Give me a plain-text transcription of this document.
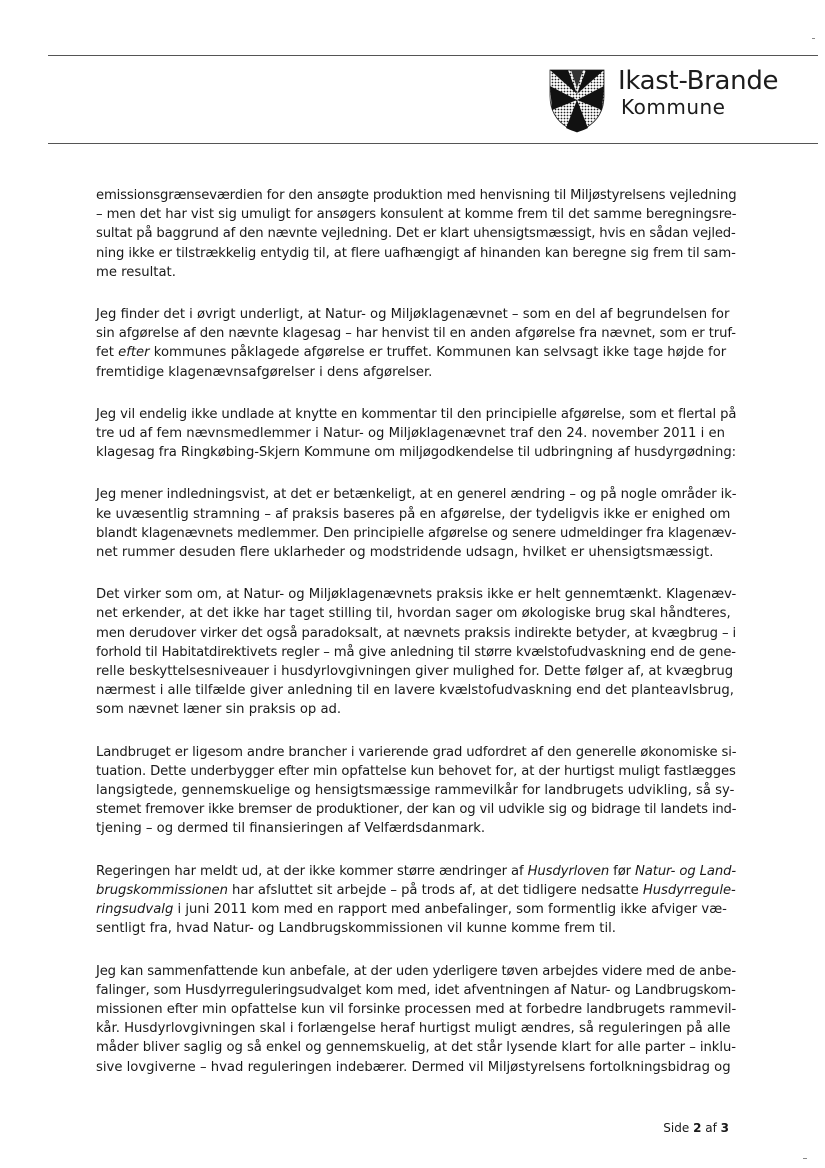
Ikast-Brande
Kommune

emissionsgrænseværdien for den ansøgte produktion med henvisning til Miljøstyrelsens vejledning
– men det har vist sig umuligt for ansøgers konsulent at komme frem til det samme beregningsre-
sultat på baggrund af den nævnte vejledning. Det er klart uhensigtsmæssigt, hvis en sådan vejled-
ning ikke er tilstrækkelig entydig til, at flere uafhængigt af hinanden kan beregne sig frem til sam-
me resultat.

Jeg finder det i øvrigt underligt, at Natur- og Miljøklagenævnet – som en del af begrundelsen for
sin afgørelse af den nævnte klagesag – har henvist til en anden afgørelse fra nævnet, som er truf-
fet efter kommunes påklagede afgørelse er truffet. Kommunen kan selvsagt ikke tage højde for
fremtidige klagenævnsafgørelser i dens afgørelser.

Jeg vil endelig ikke undlade at knytte en kommentar til den principielle afgørelse, som et flertal på
tre ud af fem nævnsmedlemmer i Natur- og Miljøklagenævnet traf den 24. november 2011 i en
klagesag fra Ringkøbing-Skjern Kommune om miljøgodkendelse til udbringning af husdyrgødning:

Jeg mener indledningsvist, at det er betænkeligt, at en generel ændring – og på nogle områder ik-
ke uvæsentlig stramning – af praksis baseres på en afgørelse, der tydeligvis ikke er enighed om
blandt klagenævnets medlemmer. Den principielle afgørelse og senere udmeldinger fra klagenæv-
net rummer desuden flere uklarheder og modstridende udsagn, hvilket er uhensigtsmæssigt.

Det virker som om, at Natur- og Miljøklagenævnets praksis ikke er helt gennemtænkt. Klagenæv-
net erkender, at det ikke har taget stilling til, hvordan sager om økologiske brug skal håndteres,
men derudover virker det også paradoksalt, at nævnets praksis indirekte betyder, at kvægbrug – i
forhold til Habitatdirektivets regler – må give anledning til større kvælstofudvaskning end de gene-
relle beskyttelsesniveauer i husdyrlovgivningen giver mulighed for. Dette følger af, at kvægbrug
nærmest i alle tilfælde giver anledning til en lavere kvælstofudvaskning end det planteavlsbrug,
som nævnet læner sin praksis op ad.

Landbruget er ligesom andre brancher i varierende grad udfordret af den generelle økonomiske si-
tuation. Dette underbygger efter min opfattelse kun behovet for, at der hurtigst muligt fastlægges
langsigtede, gennemskuelige og hensigtsmæssige rammevilkår for landbrugets udvikling, så sy-
stemet fremover ikke bremser de produktioner, der kan og vil udvikle sig og bidrage til landets ind-
tjening – og dermed til finansieringen af Velfærdsdanmark.

Regeringen har meldt ud, at der ikke kommer større ændringer af Husdyrloven før Natur- og Land-
brugskommissionen har afsluttet sit arbejde – på trods af, at det tidligere nedsatte Husdyrregule-
ringsudvalg i juni 2011 kom med en rapport med anbefalinger, som formentlig ikke afviger væ-
sentligt fra, hvad Natur- og Landbrugskommissionen vil kunne komme frem til.

Jeg kan sammenfattende kun anbefale, at der uden yderligere tøven arbejdes videre med de anbe-
falinger, som Husdyrreguleringsudvalget kom med, idet afventningen af Natur- og Landbrugskom-
missionen efter min opfattelse kun vil forsinke processen med at forbedre landbrugets rammevil-
kår. Husdyrlovgivningen skal i forlængelse heraf hurtigst muligt ændres, så reguleringen på alle
måder bliver saglig og så enkel og gennemskuelig, at det står lysende klart for alle parter – inklu-
sive lovgiverne – hvad reguleringen indebærer. Dermed vil Miljøstyrelsens fortolkningsbidrag og

Side 2 af 3
